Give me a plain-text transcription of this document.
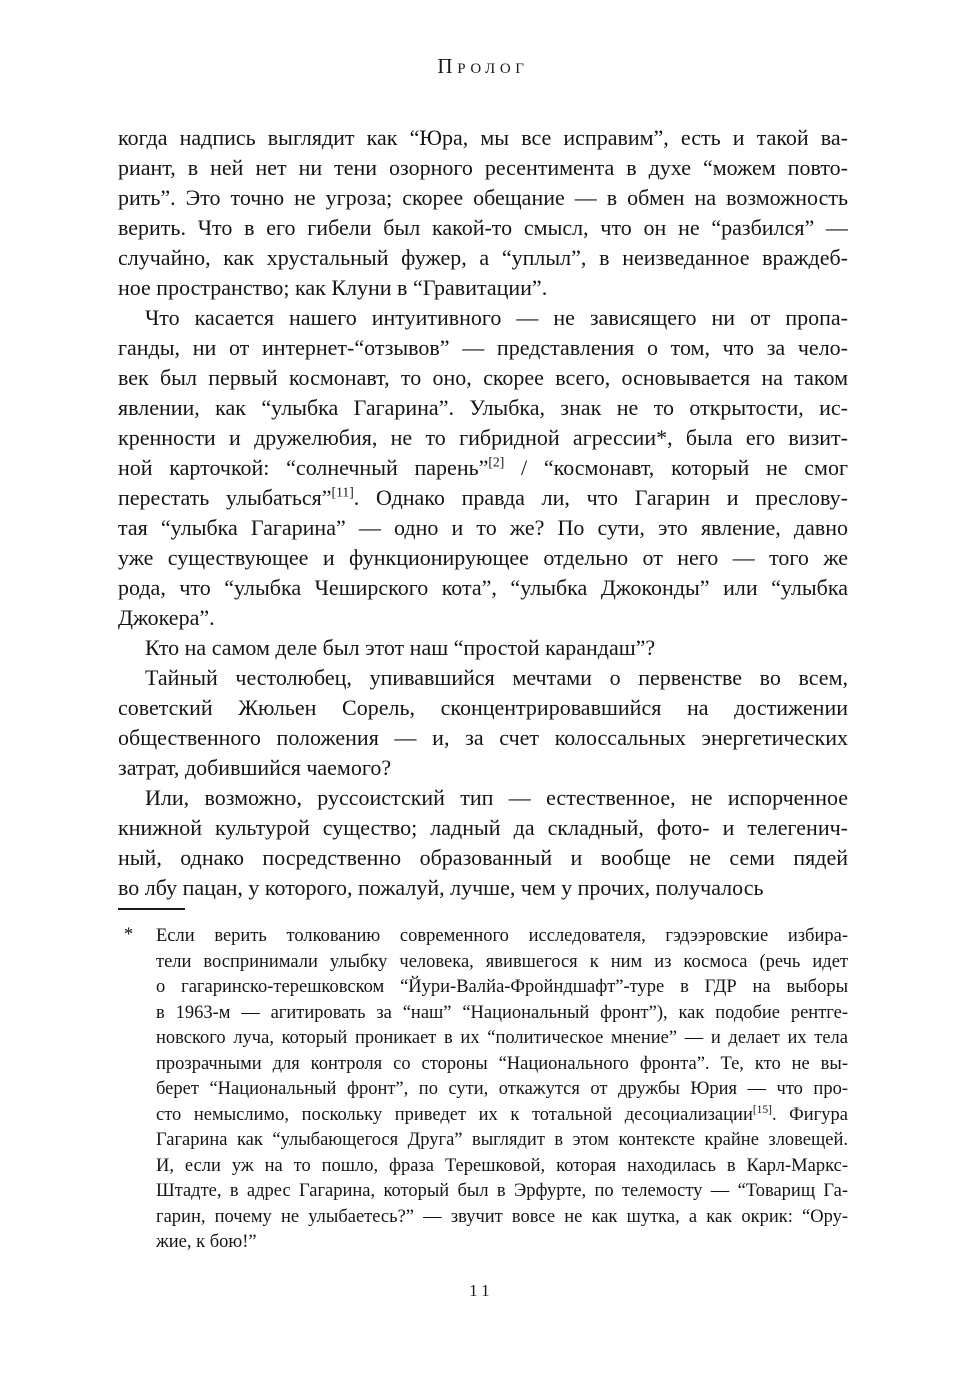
Пролог
когда надпись выглядит как “Юра, мы все исправим”, есть и такой ва-
риант, в ней нет ни тени озорного ресентимента в духе “можем повто-
рить”. Это точно не угроза; скорее обещание — в обмен на возможность
верить. Что в его гибели был какой-то смысл, что он не “разбился” —
случайно, как хрустальный фужер, а “уплыл”, в неизведанное враждеб-
ное пространство; как Клуни в “Гравитации”.
Что касается нашего интуитивного — не зависящего ни от пропа-
ганды, ни от интернет-“отзывов” — представления о том, что за чело-
век был первый космонавт, то оно, скорее всего, основывается на таком
явлении, как “улыбка Гагарина”. Улыбка, знак не то открытости, ис-
кренности и дружелюбия, не то гибридной агрессии*, была его визит-
ной карточкой: “солнечный парень”[2] / “космонавт, который не смог
перестать улыбаться”[11]. Однако правда ли, что Гагарин и преслову-
тая “улыбка Гагарина” — одно и то же? По сути, это явление, давно
уже существующее и функционирующее отдельно от него — того же
рода, что “улыбка Чеширского кота”, “улыбка Джоконды” или “улыбка
Джокера”.
Кто на самом деле был этот наш “простой карандаш”?
Тайный честолюбец, упивавшийся мечтами о первенстве во всем,
советский Жюльен Сорель, сконцентрировавшийся на достижении
общественного положения — и, за счет колоссальных энергетических
затрат, добившийся чаемого?
Или, возможно, руссоистский тип — естественное, не испорченное
книжной культурой существо; ладный да складный, фото- и телегенич-
ный, однако посредственно образованный и вообще не семи пядей
во лбу пацан, у которого, пожалуй, лучше, чем у прочих, получалось
* Если верить толкованию современного исследователя, гэдээровские избира-
тели воспринимали улыбку человека, явившегося к ним из космоса (речь идет
о гагаринско-терешковском “Йури-Валйа-Фройндшафт”-туре в ГДР на выборы
в 1963-м — агитировать за “наш” “Национальный фронт”), как подобие рентге-
новского луча, который проникает в их “политическое мнение” — и делает их тела
прозрачными для контроля со стороны “Национального фронта”. Те, кто не вы-
берет “Национальный фронт”, по сути, откажутся от дружбы Юрия — что про-
сто немыслимо, поскольку приведет их к тотальной десоциализации[15]. Фигура
Гагарина как “улыбающегося Друга” выглядит в этом контексте крайне зловещей.
И, если уж на то пошло, фраза Терешковой, которая находилась в Карл-Маркс-
Штадте, в адрес Гагарина, который был в Эрфурте, по телемосту — “Товарищ Га-
гарин, почему не улыбаетесь?” — звучит вовсе не как шутка, а как окрик: “Ору-
жие, к бою!”
11
